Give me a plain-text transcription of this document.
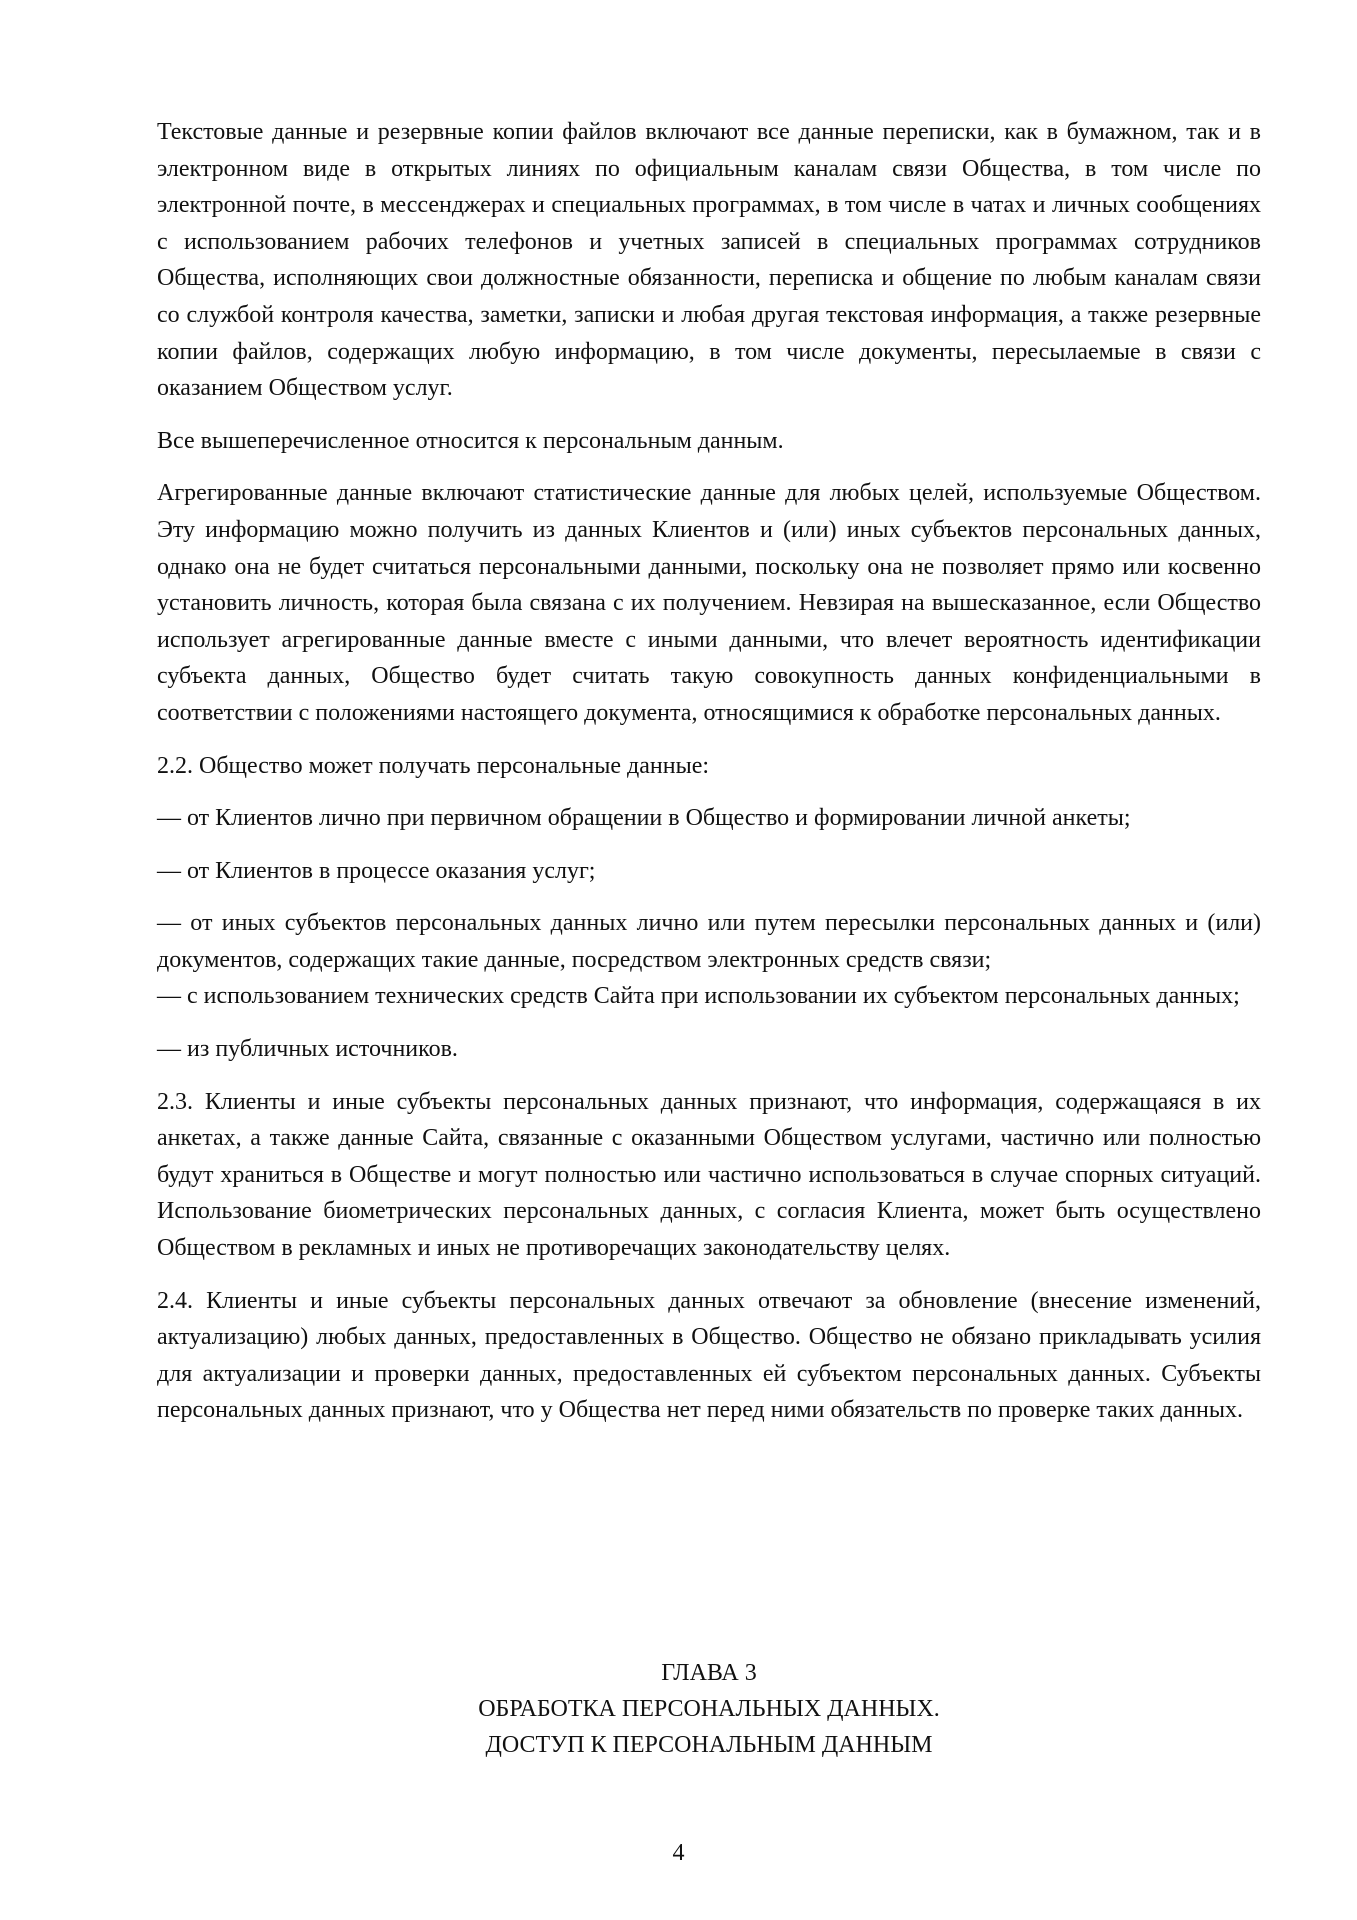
Текстовые данные и резервные копии файлов включают все данные переписки, как в бумажном, так и в электронном виде в открытых линиях по официальным каналам связи Общества, в том числе по электронной почте, в мессенджерах и специальных программах, в том числе в чатах и личных сообщениях с использованием рабочих телефонов и учетных записей в специальных программах сотрудников Общества, исполняющих свои должностные обязанности, переписка и общение по любым каналам связи со службой контроля качества, заметки, записки и любая другая текстовая информация, а также резервные копии файлов, содержащих любую информацию, в том числе документы, пересылаемые в связи с оказанием Обществом услуг.

Все вышеперечисленное относится к персональным данным.

Агрегированные данные включают статистические данные для любых целей, используемые Обществом. Эту информацию можно получить из данных Клиентов и (или) иных субъектов персональных данных, однако она не будет считаться персональными данными, поскольку она не позволяет прямо или косвенно установить личность, которая была связана с их получением. Невзирая на вышесказанное, если Общество использует агрегированные данные вместе с иными данными, что влечет вероятность идентификации субъекта данных, Общество будет считать такую совокупность данных конфиденциальными в соответствии с положениями настоящего документа, относящимися к обработке персональных данных.

2.2. Общество может получать персональные данные:

— от Клиентов лично при первичном обращении в Общество и формировании личной анкеты;

— от Клиентов в процессе оказания услуг;

— от иных субъектов персональных данных лично или путем пересылки персональных данных и (или) документов, содержащих такие данные, посредством электронных средств связи;

— с использованием технических средств Сайта при использовании их субъектом персональных данных;

— из публичных источников.

2.3. Клиенты и иные субъекты персональных данных признают, что информация, содержащаяся в их анкетах, а также данные Сайта, связанные с оказанными Обществом услугами, частично или полностью будут храниться в Обществе и могут полностью или частично использоваться в случае спорных ситуаций. Использование биометрических персональных данных, с согласия Клиента, может быть осуществлено Обществом в рекламных и иных не противоречащих законодательству целях.

2.4. Клиенты и иные субъекты персональных данных отвечают за обновление (внесение изменений, актуализацию) любых данных, предоставленных в Общество. Общество не обязано прикладывать усилия для актуализации и проверки данных, предоставленных ей субъектом персональных данных. Субъекты персональных данных признают, что у Общества нет перед ними обязательств по проверке таких данных.

ГЛАВА 3
ОБРАБОТКА ПЕРСОНАЛЬНЫХ ДАННЫХ.
ДОСТУП К ПЕРСОНАЛЬНЫМ ДАННЫМ
4
